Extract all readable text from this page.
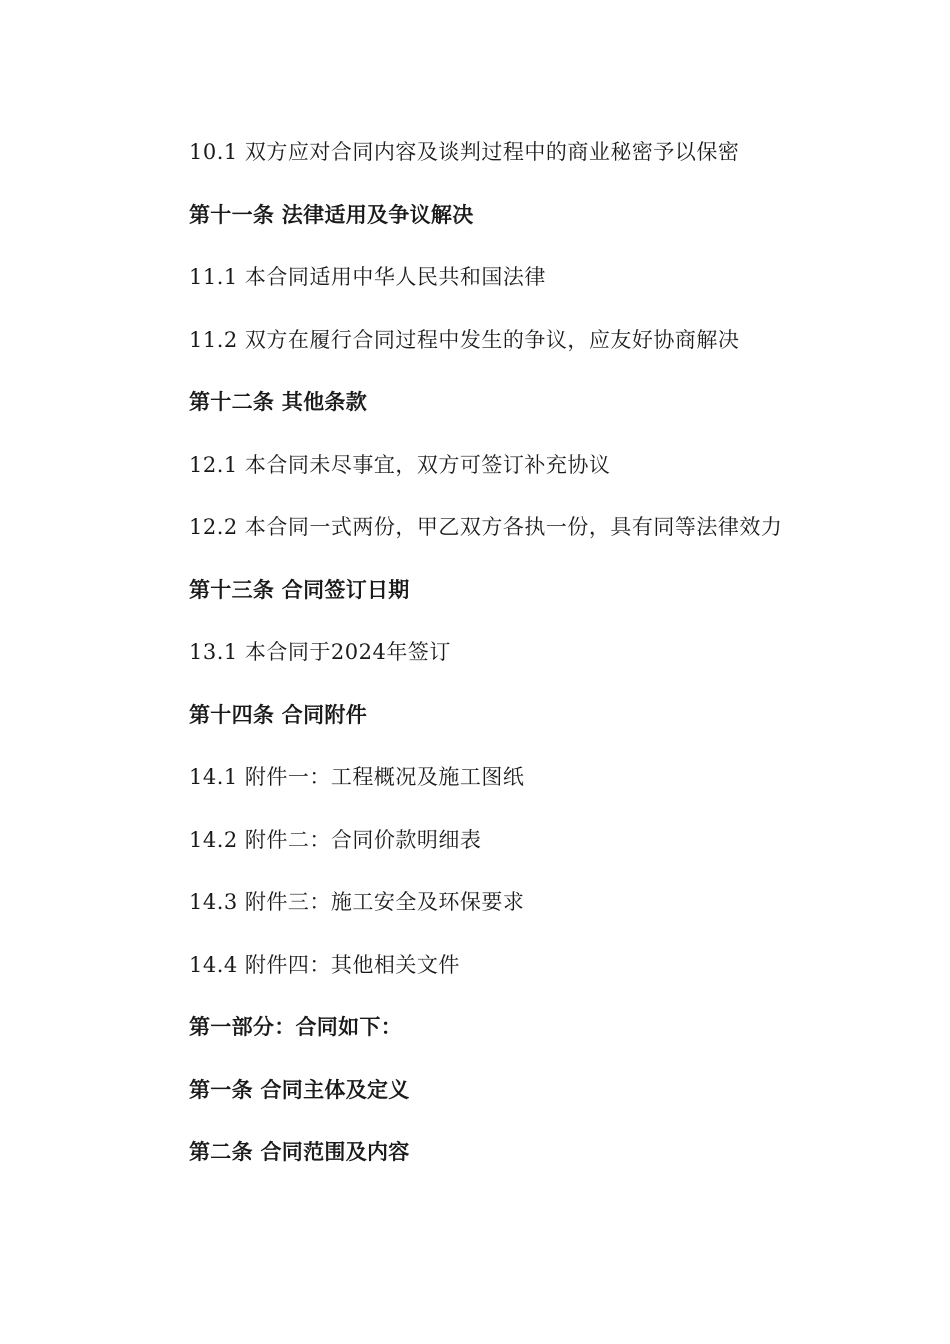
10.1 双方应对合同内容及谈判过程中的商业秘密予以保密
第十一条 法律适用及争议解决
11.1 本合同适用中华人民共和国法律
11.2 双方在履行合同过程中发生的争议，应友好协商解决
第十二条 其他条款
12.1 本合同未尽事宜，双方可签订补充协议
12.2 本合同一式两份，甲乙双方各执一份，具有同等法律效力
第十三条 合同签订日期
13.1 本合同于2024年签订
第十四条 合同附件
14.1 附件一：工程概况及施工图纸
14.2 附件二：合同价款明细表
14.3 附件三：施工安全及环保要求
14.4 附件四：其他相关文件
第一部分：合同如下：
第一条 合同主体及定义
第二条 合同范围及内容
